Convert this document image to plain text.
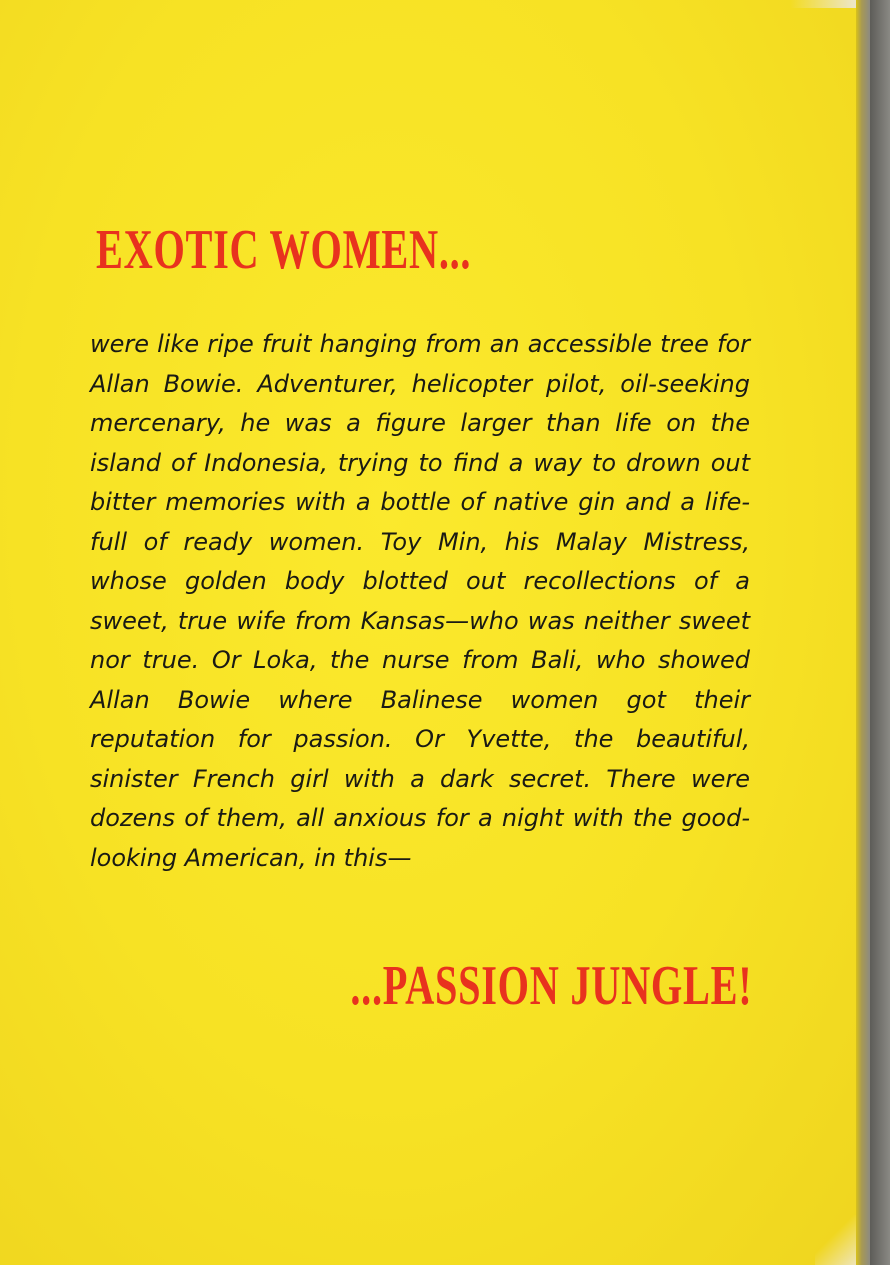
EXOTIC WOMEN...

were like ripe fruit hanging from an accessible tree for Allan Bowie. Adventurer, helicopter pilot, oil-seeking mercenary, he was a figure larger than life on the island of Indonesia, trying to find a way to drown out bitter memories with a bottle of native gin and a life-full of ready women. Toy Min, his Malay Mistress, whose golden body blotted out recollections of a sweet, true wife from Kansas—who was neither sweet nor true. Or Loka, the nurse from Bali, who showed Allan Bowie where Balinese women got their reputation for passion. Or Yvette, the beautiful, sinister French girl with a dark secret. There were dozens of them, all anxious for a night with the good-looking American, in this—

...PASSION JUNGLE!
